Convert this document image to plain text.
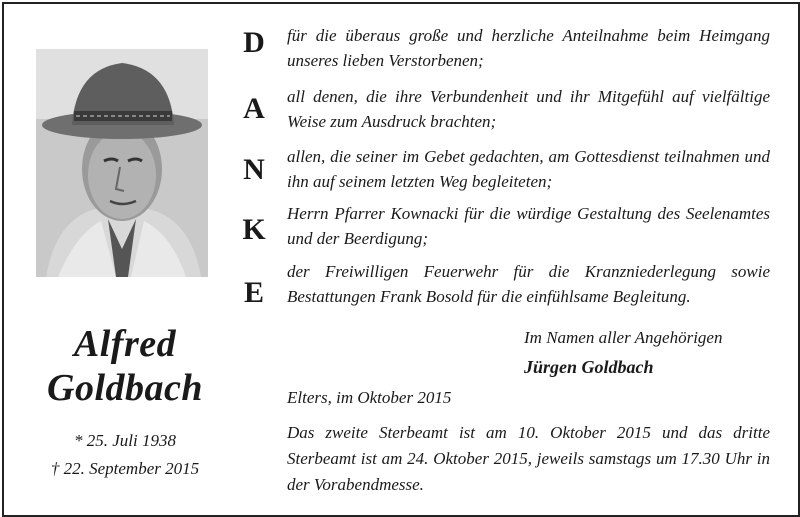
Alfred
Goldbach
* 25. Juli 1938
† 22. September 2015
D
A
N
K
E
für die überaus große und herzliche Anteilnahme beim Heimgang unseres lieben Verstorbenen;
all denen, die ihre Verbundenheit und ihr Mitgefühl auf vielfältige Weise zum Ausdruck brachten;
allen, die seiner im Gebet gedachten, am Gottesdienst teilnahmen und ihn auf seinem letzten Weg begleiteten;
Herrn Pfarrer Kownacki für die würdige Gestaltung des Seelenamtes und der Beerdigung;
der Freiwilligen Feuerwehr für die Kranzniederlegung sowie Bestattungen Frank Bosold für die einfühlsame Begleitung.
Im Namen aller Angehörigen
Jürgen Goldbach
Elters, im Oktober 2015
Das zweite Sterbeamt ist am 10. Oktober 2015 und das dritte Sterbeamt ist am 24. Oktober 2015, jeweils samstags um 17.30 Uhr in der Vorabendmesse.
